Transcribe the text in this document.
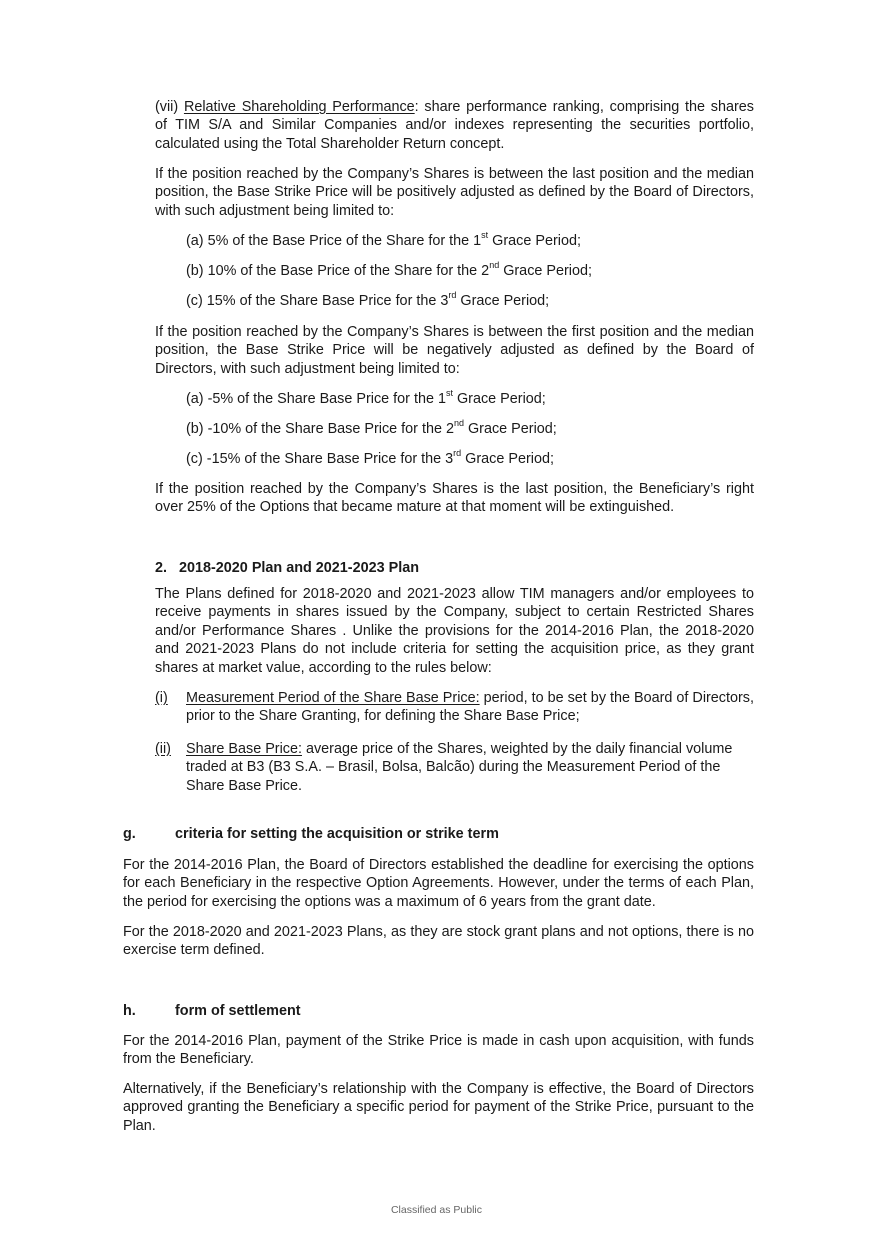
(vii) Relative Shareholding Performance: share performance ranking, comprising the shares of TIM S/A and Similar Companies and/or indexes representing the securities portfolio, calculated using the Total Shareholder Return concept.

If the position reached by the Company’s Shares is between the last position and the median position, the Base Strike Price will be positively adjusted as defined by the Board of Directors, with such adjustment being limited to:

(a) 5% of the Base Price of the Share for the 1st Grace Period;

(b) 10% of the Base Price of the Share for the 2nd Grace Period;

(c) 15% of the Share Base Price for the 3rd Grace Period;

If the position reached by the Company’s Shares is between the first position and the median position, the Base Strike Price will be negatively adjusted as defined by the Board of Directors, with such adjustment being limited to:

(a) -5% of the Share Base Price for the 1st Grace Period;

(b) -10% of the Share Base Price for the 2nd Grace Period;

(c) -15% of the Share Base Price for the 3rd Grace Period;

If the position reached by the Company’s Shares is the last position, the Beneficiary’s right over 25% of the Options that became mature at that moment will be extinguished.

2.   2018-2020 Plan and 2021-2023 Plan

The Plans defined for 2018-2020 and 2021-2023 allow TIM managers and/or employees to receive payments in shares issued by the Company, subject to certain Restricted Shares and/or Performance Shares . Unlike the provisions for the 2014-2016 Plan, the 2018-2020 and 2021-2023 Plans do not include criteria for setting the acquisition price, as they grant shares at market value, according to the rules below:

(i) Measurement Period of the Share Base Price: period, to be set by the Board of Directors, prior to the Share Granting, for defining the Share Base Price;

(ii) Share Base Price: average price of the Shares, weighted by the daily financial volume traded at B3 (B3 S.A. – Brasil, Bolsa, Balcão) during the Measurement Period of the Share Base Price.

g.	criteria for setting the acquisition or strike term

For the 2014-2016 Plan, the Board of Directors established the deadline for exercising the options for each Beneficiary in the respective Option Agreements. However, under the terms of each Plan, the period for exercising the options was a maximum of 6 years from the grant date.

For the 2018-2020 and 2021-2023 Plans, as they are stock grant plans and not options, there is no exercise term defined.

h.	form of settlement

For the 2014-2016 Plan, payment of the Strike Price is made in cash upon acquisition, with funds from the Beneficiary.

Alternatively, if the Beneficiary’s relationship with the Company is effective, the Board of Directors approved granting the Beneficiary a specific period for payment of the Strike Price, pursuant to the Plan.

Classified as Public
